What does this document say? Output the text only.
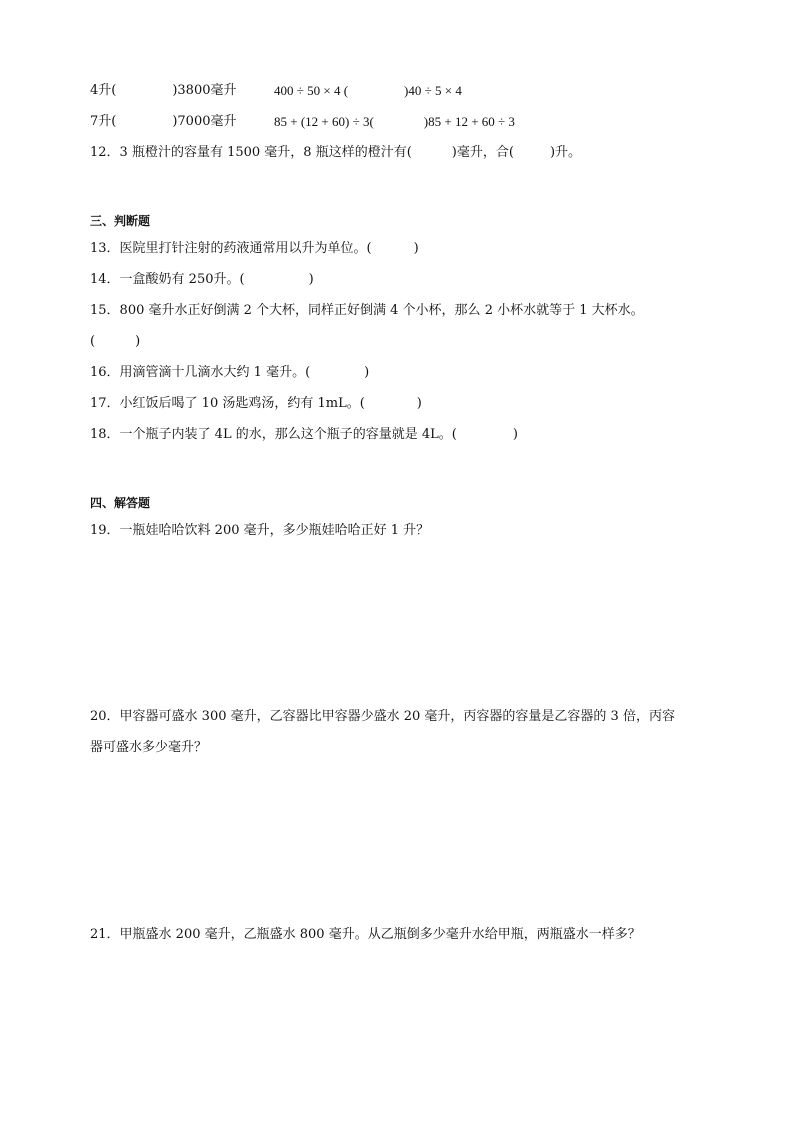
4升(	)3800毫升	400 ÷ 50 × 4 (	)40 ÷ 5 × 4
7升(	)7000毫升	85 + (12 + 60) ÷ 3(	)85 + 12 + 60 ÷ 3
12．3 瓶橙汁的容量有 1500 毫升，8 瓶这样的橙汁有(	)毫升，合(	)升。
三、判断题
13．医院里打针注射的药液通常用以升为单位。(	)
14．一盒酸奶有 250升。(	)
15．800 毫升水正好倒满 2 个大杯，同样正好倒满 4 个小杯，那么 2 小杯水就等于 1 大杯水。
(	)
16．用滴管滴十几滴水大约 1 毫升。(	)
17．小红饭后喝了 10 汤匙鸡汤，约有 1mL。(	)
18．一个瓶子内装了 4L 的水，那么这个瓶子的容量就是 4L。(	)
四、解答题
19．一瓶娃哈哈饮料 200 毫升，多少瓶娃哈哈正好 1 升？
20．甲容器可盛水 300 毫升，乙容器比甲容器少盛水 20 毫升，丙容器的容量是乙容器的 3 倍，丙容
器可盛水多少毫升？
21．甲瓶盛水 200 毫升，乙瓶盛水 800 毫升。从乙瓶倒多少毫升水给甲瓶，两瓶盛水一样多？
